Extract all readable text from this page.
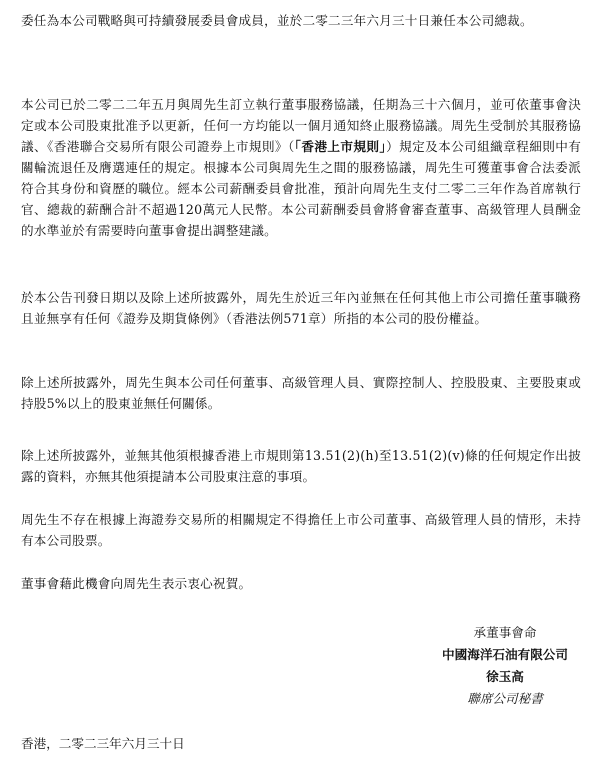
委任為本公司戰略與可持續發展委員會成員，並於二零二三年六月三十日兼任本公司總裁。

本公司已於二零二二年五月與周先生訂立執行董事服務協議，任期為三十六個月，並可依董事會決定或本公司股東批准予以更新，任何一方均能以一個月通知終止服務協議。周先生受制於其服務協議、《香港聯合交易所有限公司證券上市規則》（「香港上市規則」）規定及本公司組織章程細則中有關輪流退任及膺選連任的規定。根據本公司與周先生之間的服務協議，周先生可獲董事會合法委派符合其身份和資歷的職位。經本公司薪酬委員會批准，預計向周先生支付二零二三年作為首席執行官、總裁的薪酬合計不超過120萬元人民幣。本公司薪酬委員會將會審查董事、高級管理人員酬金的水準並於有需要時向董事會提出調整建議。

於本公告刊發日期以及除上述所披露外，周先生於近三年內並無在任何其他上市公司擔任董事職務且並無享有任何《證券及期貨條例》（香港法例571章）所指的本公司的股份權益。

除上述所披露外，周先生與本公司任何董事、高級管理人員、實際控制人、控股股東、主要股東或持股5%以上的股東並無任何關係。

除上述所披露外，並無其他須根據香港上市規則第13.51(2)(h)至13.51(2)(v)條的任何規定作出披露的資料，亦無其他須提請本公司股東注意的事項。

周先生不存在根據上海證券交易所的相關規定不得擔任上市公司董事、高級管理人員的情形，未持有本公司股票。

董事會藉此機會向周先生表示衷心祝賀。

承董事會命

中國海洋石油有限公司

徐玉高

聯席公司秘書

香港，二零二三年六月三十日
